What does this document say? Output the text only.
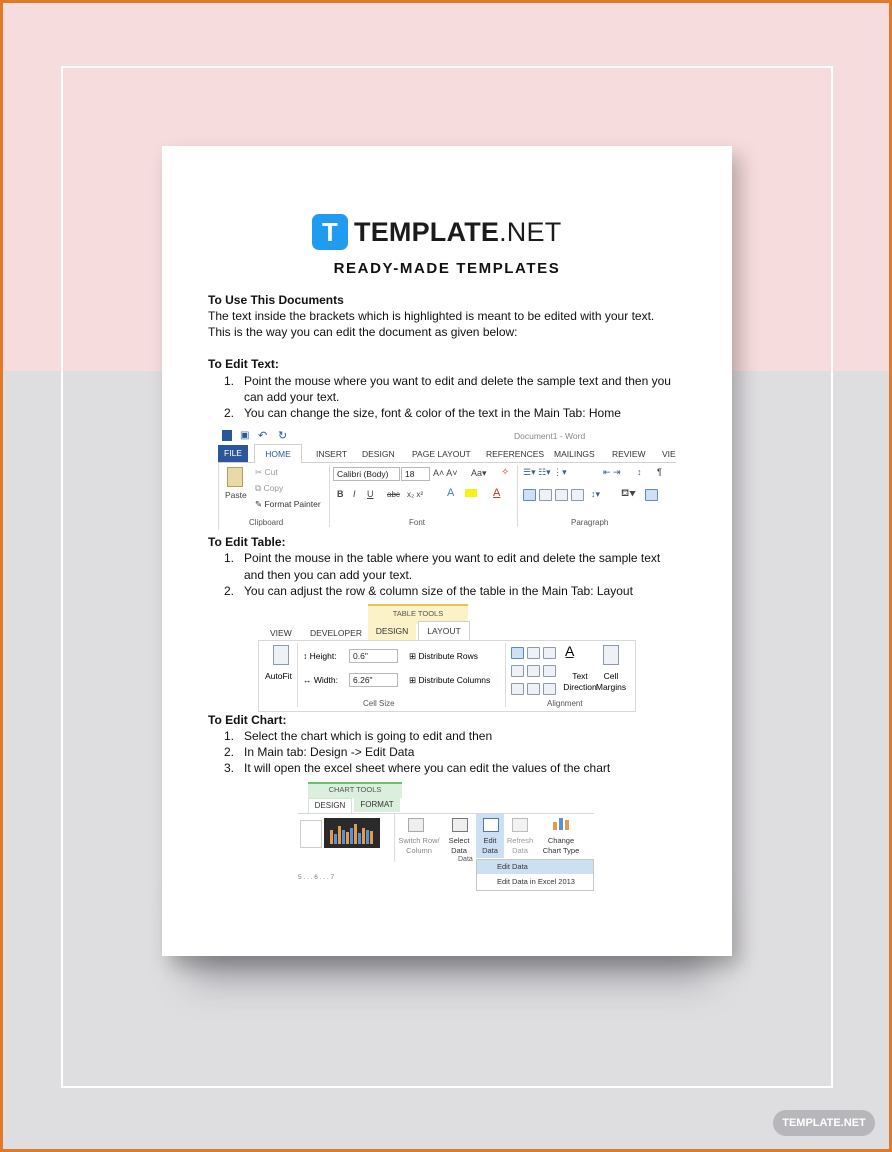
T TEMPLATE.NET
READY-MADE TEMPLATES
To Use This Documents
The text inside the brackets which is highlighted is meant to be edited with your text.
This is the way you can edit the document as given below:
To Edit Text:
1. Point the mouse where you want to edit and delete the sample text and then you
can add your text.
2. You can change the size, font & color of the text in the Main Tab: Home
▣ ↶ ↻	Document1 - Word
FILE	HOME	INSERT DESIGN PAGE LAYOUT REFERENCES MAILINGS REVIEW VIE
Paste
✂ Cut
⧉ Copy
✎ Format Painter
Clipboard
Calibri (Body)	18	A˄ A˅ Aa▾ ✧
B I U abc x₂ x² A	A
Font
☰▾ ☷▾ ⋮▾	⇤ ⇥ ↕ ¶
↕▾ ⛾▾
Paragraph
To Edit Table:
1. Point the mouse in the table where you want to edit and delete the sample text
and then you can add your text.
2. You can adjust the row & column size of the table in the Main Tab: Layout
TABLE TOOLS
VIEW DEVELOPER	DESIGN	LAYOUT
AutoFit
↕ Height:	0.6"
↔ Width:	6.26"
⊞ Distribute Rows
⊞ Distribute Columns
Cell Size
A̲
Text
Direction
Cell
Margins
Alignment
To Edit Chart:
1. Select the chart which is going to edit and then
2. In Main tab: Design -> Edit Data
3. It will open the excel sheet where you can edit the values of the chart
CHART TOOLS
DESIGN	FORMAT
Switch Row/
Column
Select
Data
Edit
Data
Refresh
Data
Change
Chart Type
Data
5 . . . 6 . . . 7
Edit Data
Edit Data in Excel 2013
TEMPLATE.NET
